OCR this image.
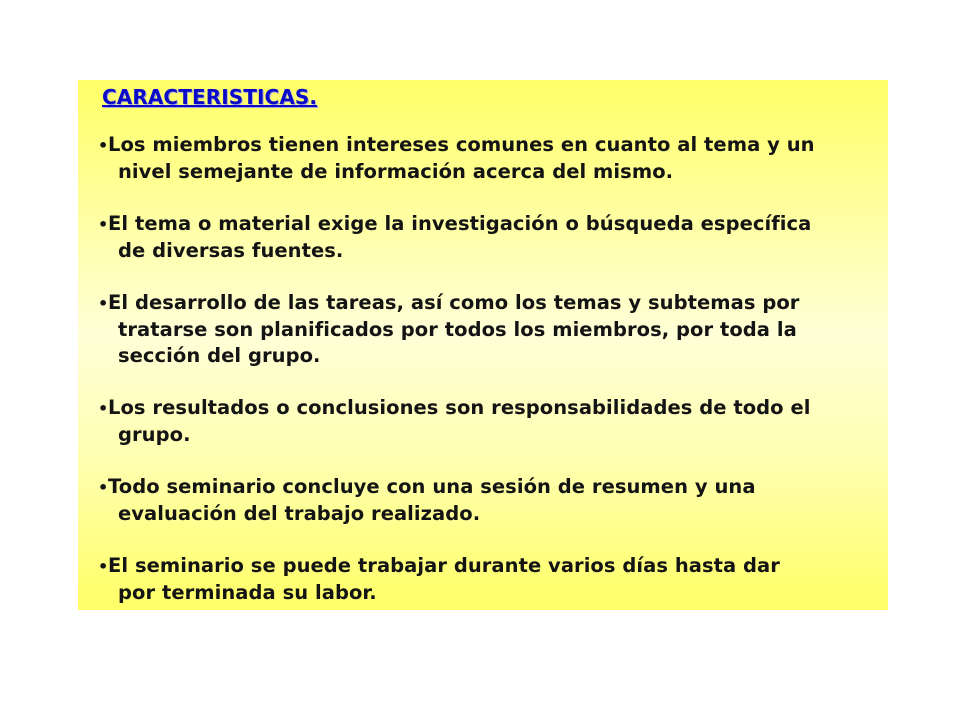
CARACTERISTICAS.
•Los miembros tienen intereses comunes en cuanto al tema y un
nivel semejante de información acerca del mismo.
•El tema o material exige la investigación o búsqueda específica
de diversas fuentes.
•El desarrollo de las tareas, así como los temas y subtemas por
tratarse son planificados por todos los miembros, por toda la
sección del grupo.
•Los resultados o conclusiones son responsabilidades de todo el
grupo.
•Todo seminario concluye con una sesión de resumen y una
evaluación del trabajo realizado.
•El seminario se puede trabajar durante varios días hasta dar
por terminada su labor.
